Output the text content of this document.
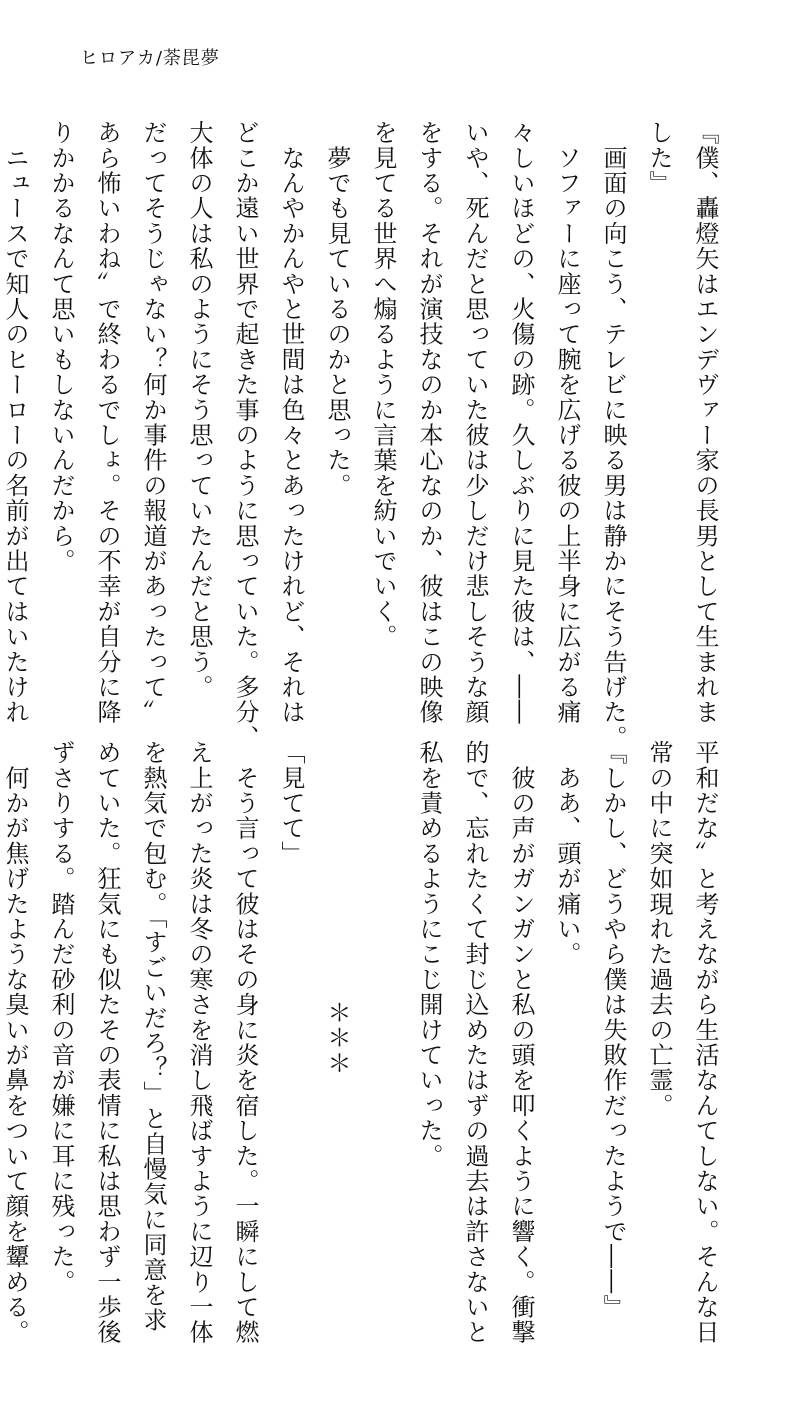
ヒロアカ/荼毘夢
『僕、轟燈矢はエンデヴァー家の長男として生まれま
した』
　画面の向こう、テレビに映る男は静かにそう告げた。
　ソファーに座って腕を広げる彼の上半身に広がる痛
々しいほどの、火傷の跡。久しぶりに見た彼は、――
いや、死んだと思っていた彼は少しだけ悲しそうな顔
をする。それが演技なのか本心なのか、彼はこの映像
を見てる世界へ煽るように言葉を紡いでいく。
　夢でも見ているのかと思った。
　なんやかんやと世間は色々とあったけれど、それは
どこか遠い世界で起きた事のように思っていた。多分、
大体の人は私のようにそう思っていたんだと思う。
だってそうじゃない？何か事件の報道があったって〟
あら怖いわね〟で終わるでしょ。その不幸が自分に降
りかかるなんて思いもしないんだから。
　ニュースで知人のヒーローの名前が出てはいたけれ
平和だな〟と考えながら生活なんてしない。そんな日
常の中に突如現れた過去の亡霊。
『しかし、どうやら僕は失敗作だったようで――』
　ああ、頭が痛い。
　彼の声がガンガンと私の頭を叩くように響く。衝撃
的で、忘れたくて封じ込めたはずの過去は許さないと
私を責めるようにこじ開けていった。
＊＊＊
「見てて」
　そう言って彼はその身に炎を宿した。一瞬にして燃
え上がった炎は冬の寒さを消し飛ばすように辺り一体
を熱気で包む。「すごいだろ？」と自慢気に同意を求
めていた。狂気にも似たその表情に私は思わず一歩後
ずさりする。踏んだ砂利の音が嫌に耳に残った。
　何かが焦げたような臭いが鼻をついて顔を顰める。
